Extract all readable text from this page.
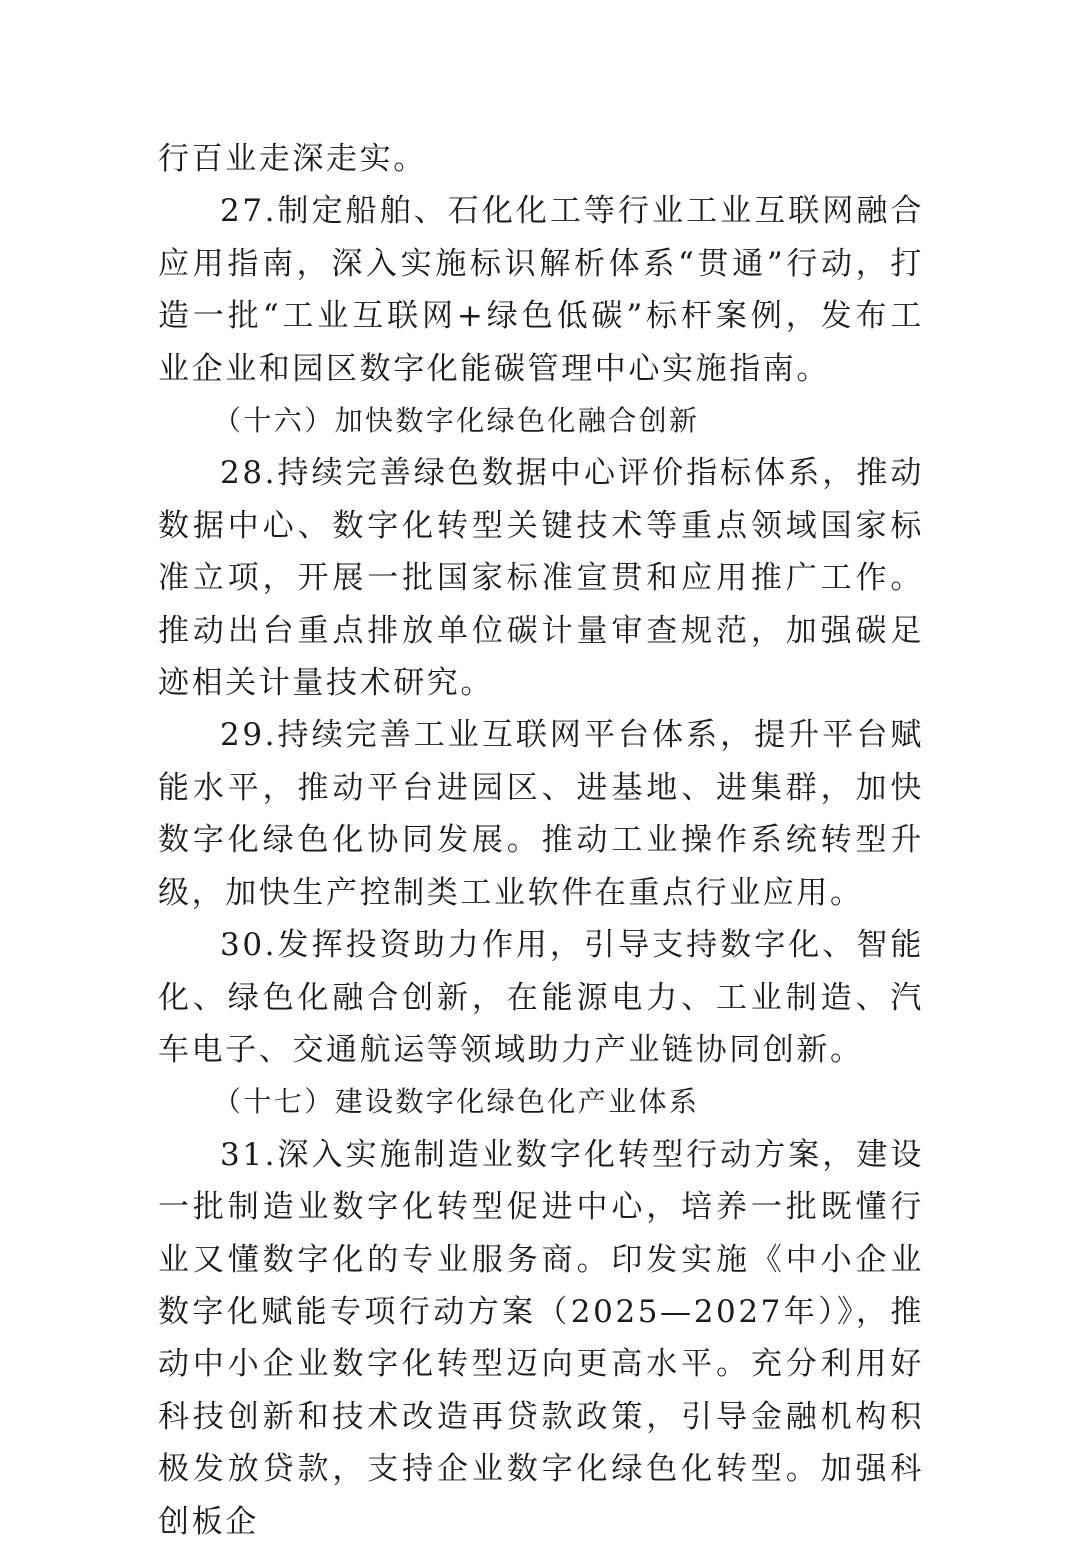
行百业走深走实。

27.制定船舶、石化化工等行业工业互联网融合应用指南，深入实施标识解析体系“贯通”行动，打造一批“工业互联网+绿色低碳”标杆案例，发布工业企业和园区数字化能碳管理中心实施指南。

（十六）加快数字化绿色化融合创新

28.持续完善绿色数据中心评价指标体系，推动数据中心、数字化转型关键技术等重点领域国家标准立项，开展一批国家标准宣贯和应用推广工作。推动出台重点排放单位碳计量审查规范，加强碳足迹相关计量技术研究。

29.持续完善工业互联网平台体系，提升平台赋能水平，推动平台进园区、进基地、进集群，加快数字化绿色化协同发展。推动工业操作系统转型升级，加快生产控制类工业软件在重点行业应用。

30.发挥投资助力作用，引导支持数字化、智能化、绿色化融合创新，在能源电力、工业制造、汽车电子、交通航运等领域助力产业链协同创新。

（十七）建设数字化绿色化产业体系

31.深入实施制造业数字化转型行动方案，建设一批制造业数字化转型促进中心，培养一批既懂行业又懂数字化的专业服务商。印发实施《中小企业数字化赋能专项行动方案（2025—2027年）》，推动中小企业数字化转型迈向更高水平。充分利用好科技创新和技术改造再贷款政策，引导金融机构积极发放贷款，支持企业数字化绿色化转型。加强科创板企
